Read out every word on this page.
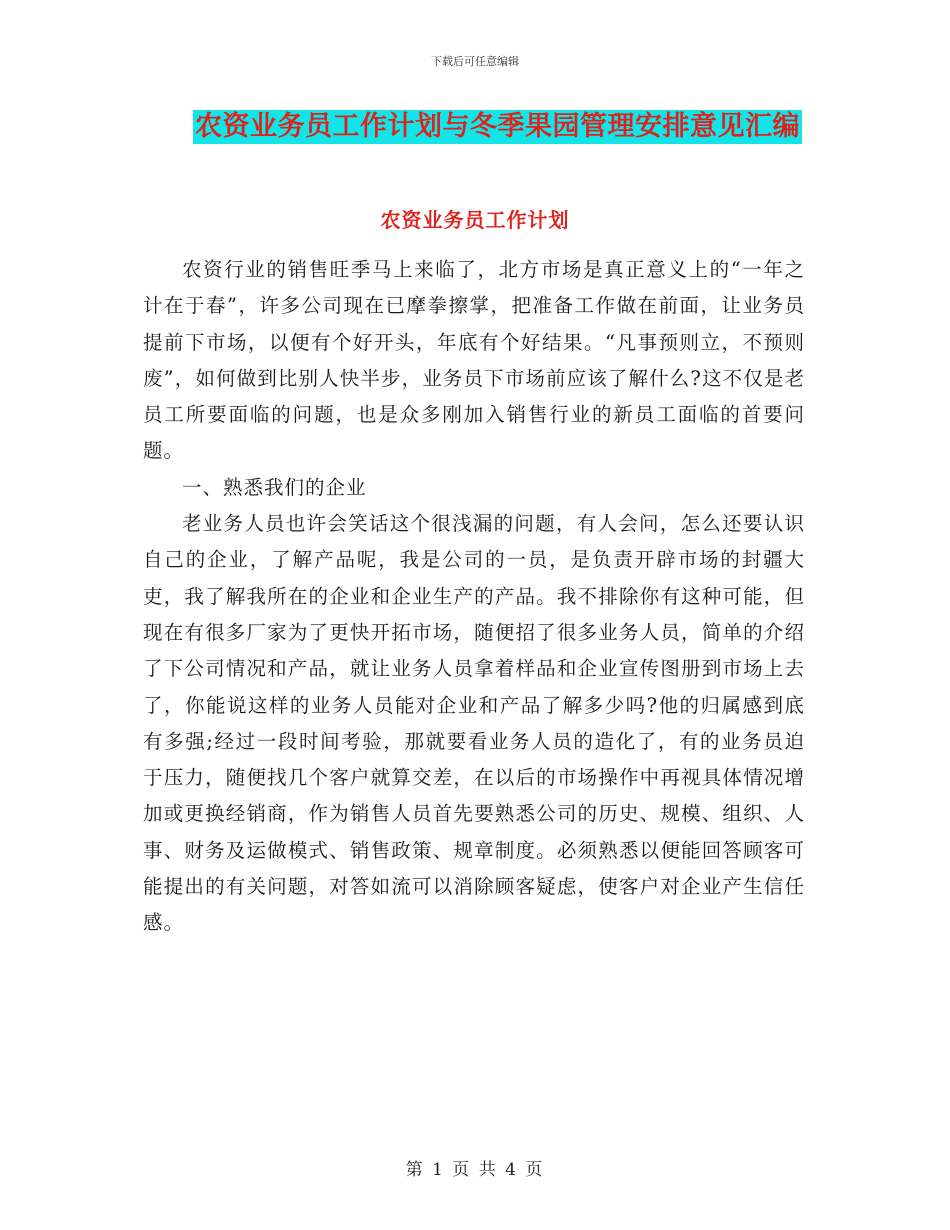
下载后可任意编辑
农资业务员工作计划与冬季果园管理安排意见汇编
农资业务员工作计划

农资行业的销售旺季马上来临了，北方市场是真正意义上的“一年之计在于春”，许多公司现在已摩拳擦掌，把准备工作做在前面，让业务员提前下市场，以便有个好开头，年底有个好结果。“凡事预则立，不预则废”，如何做到比别人快半步，业务员下市场前应该了解什么?这不仅是老员工所要面临的问题，也是众多刚加入销售行业的新员工面临的首要问题。

一、熟悉我们的企业

老业务人员也许会笑话这个很浅漏的问题，有人会问，怎么还要认识自己的企业，了解产品呢，我是公司的一员，是负责开辟市场的封疆大吏，我了解我所在的企业和企业生产的产品。我不排除你有这种可能，但现在有很多厂家为了更快开拓市场，随便招了很多业务人员，简单的介绍了下公司情况和产品，就让业务人员拿着样品和企业宣传图册到市场上去了，你能说这样的业务人员能对企业和产品了解多少吗?他的归属感到底有多强;经过一段时间考验，那就要看业务人员的造化了，有的业务员迫于压力，随便找几个客户就算交差，在以后的市场操作中再视具体情况增加或更换经销商，作为销售人员首先要熟悉公司的历史、规模、组织、人事、财务及运做模式、销售政策、规章制度。必须熟悉以便能回答顾客可能提出的有关问题，对答如流可以消除顾客疑虑，使客户对企业产生信任感。

第 1 页 共 4 页
